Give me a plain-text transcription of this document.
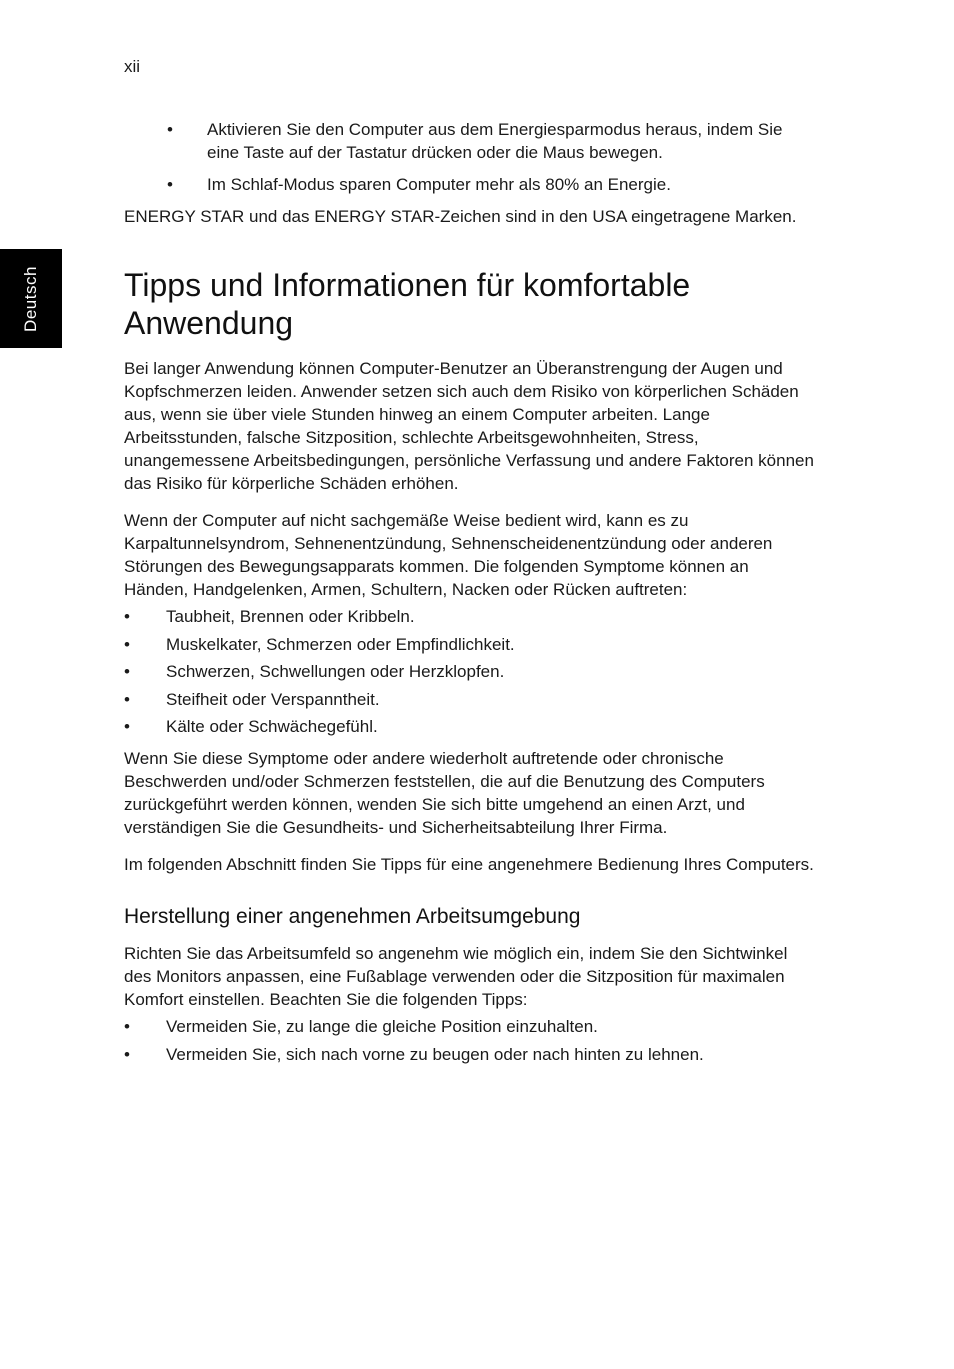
xii
Deutsch
• Aktivieren Sie den Computer aus dem Energiesparmodus heraus, indem Sie eine Taste auf der Tastatur drücken oder die Maus bewegen.
• Im Schlaf-Modus sparen Computer mehr als 80% an Energie.

ENERGY STAR und das ENERGY STAR-Zeichen sind in den USA eingetragene Marken.

Tipps und Informationen für komfortable Anwendung

Bei langer Anwendung können Computer-Benutzer an Überanstrengung der Augen und Kopfschmerzen leiden. Anwender setzen sich auch dem Risiko von körperlichen Schäden aus, wenn sie über viele Stunden hinweg an einem Computer arbeiten. Lange Arbeitsstunden, falsche Sitzposition, schlechte Arbeitsgewohnheiten, Stress, unangemessene Arbeitsbedingungen, persönliche Verfassung und andere Faktoren können das Risiko für körperliche Schäden erhöhen.

Wenn der Computer auf nicht sachgemäße Weise bedient wird, kann es zu Karpaltunnelsyndrom, Sehnenentzündung, Sehnenscheidenentzündung oder anderen Störungen des Bewegungsapparats kommen. Die folgenden Symptome können an Händen, Handgelenken, Armen, Schultern, Nacken oder Rücken auftreten:

• Taubheit, Brennen oder Kribbeln.
• Muskelkater, Schmerzen oder Empfindlichkeit.
• Schwerzen, Schwellungen oder Herzklopfen.
• Steifheit oder Verspanntheit.
• Kälte oder Schwächegefühl.

Wenn Sie diese Symptome oder andere wiederholt auftretende oder chronische Beschwerden und/oder Schmerzen feststellen, die auf die Benutzung des Computers zurückgeführt werden können, wenden Sie sich bitte umgehend an einen Arzt, und verständigen Sie die Gesundheits- und Sicherheitsabteilung Ihrer Firma.

Im folgenden Abschnitt finden Sie Tipps für eine angenehmere Bedienung Ihres Computers.

Herstellung einer angenehmen Arbeitsumgebung

Richten Sie das Arbeitsumfeld so angenehm wie möglich ein, indem Sie den Sichtwinkel des Monitors anpassen, eine Fußablage verwenden oder die Sitzposition für maximalen Komfort einstellen. Beachten Sie die folgenden Tipps:

• Vermeiden Sie, zu lange die gleiche Position einzuhalten.
• Vermeiden Sie, sich nach vorne zu beugen oder nach hinten zu lehnen.
